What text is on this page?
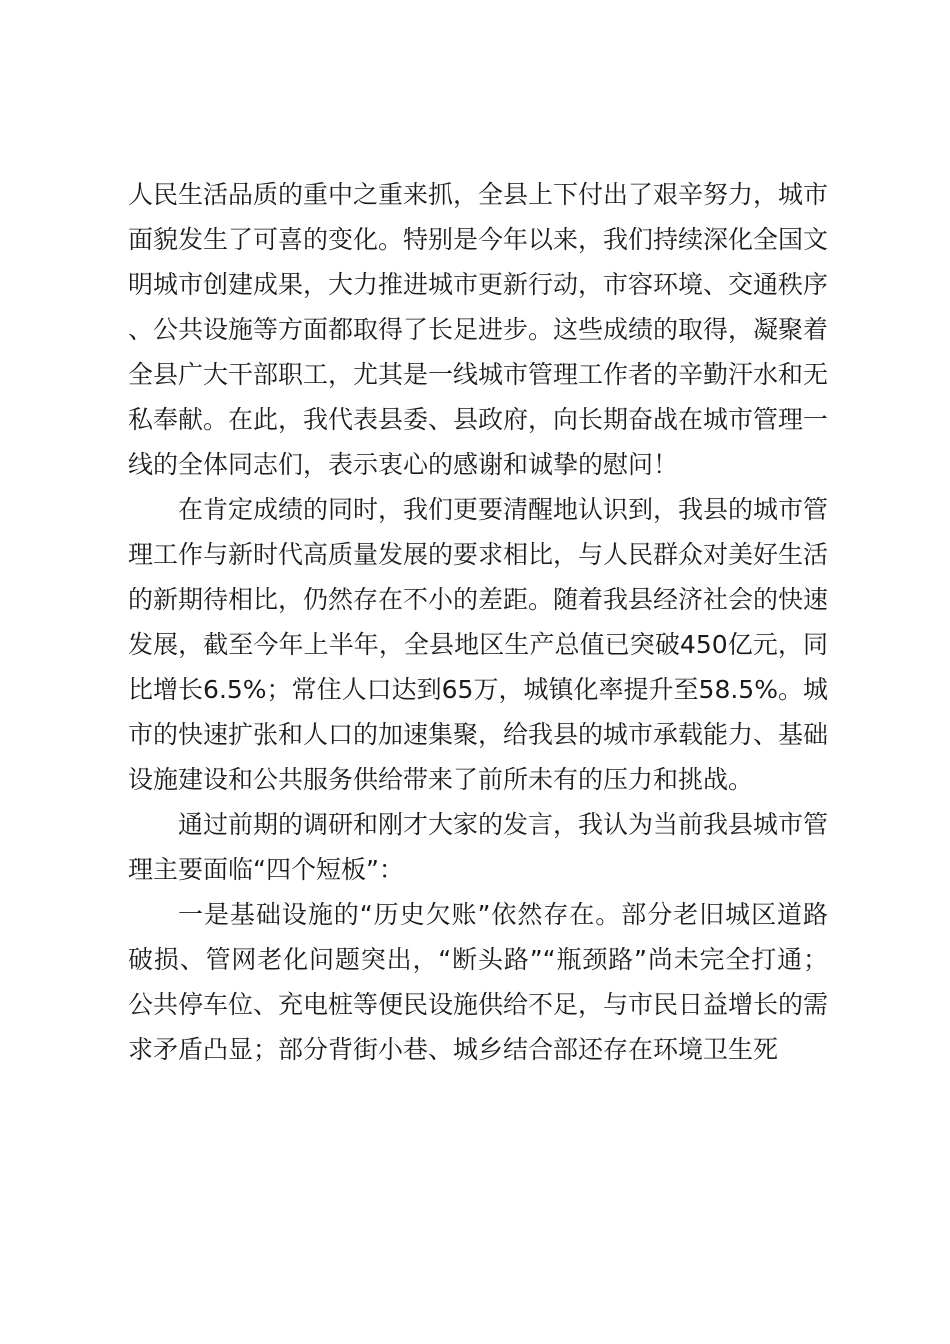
人民生活品质的重中之重来抓，全县上下付出了艰辛努力，城市面貌发生了可喜的变化。特别是今年以来，我们持续深化全国文明城市创建成果，大力推进城市更新行动，市容环境、交通秩序、公共设施等方面都取得了长足进步。这些成绩的取得，凝聚着全县广大干部职工，尤其是一线城市管理工作者的辛勤汗水和无私奉献。在此，我代表县委、县政府，向长期奋战在城市管理一线的全体同志们，表示衷心的感谢和诚挚的慰问！

在肯定成绩的同时，我们更要清醒地认识到，我县的城市管理工作与新时代高质量发展的要求相比，与人民群众对美好生活的新期待相比，仍然存在不小的差距。随着我县经济社会的快速发展，截至今年上半年，全县地区生产总值已突破450亿元，同比增长6.5%；常住人口达到65万，城镇化率提升至58.5%。城市的快速扩张和人口的加速集聚，给我县的城市承载能力、基础设施建设和公共服务供给带来了前所未有的压力和挑战。

通过前期的调研和刚才大家的发言，我认为当前我县城市管理主要面临“四个短板”：

一是基础设施的“历史欠账”依然存在。部分老旧城区道路破损、管网老化问题突出，“断头路”“瓶颈路”尚未完全打通；公共停车位、充电桩等便民设施供给不足，与市民日益增长的需求矛盾凸显；部分背街小巷、城乡结合部还存在环境卫生死
